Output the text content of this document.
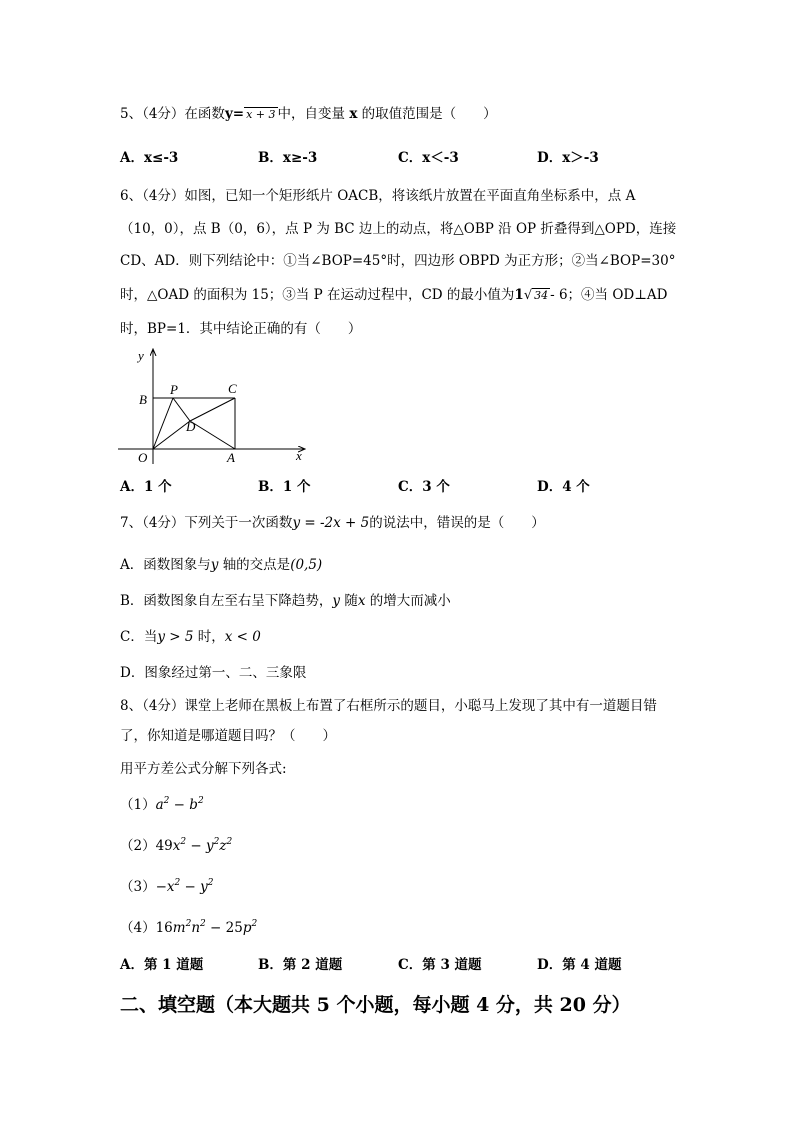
5、（4分）在函数y= x + 3 中，自变量 x 的取值范围是（　　）
A．x≤-3	B．x≥-3	C．x＜-3	D．x＞-3
6、（4分）如图，已知一个矩形纸片 OACB，将该纸片放置在平面直角坐标系中，点 A
（10，0），点 B（0，6），点 P 为 BC 边上的动点，将△OBP 沿 OP 折叠得到△OPD，连接
CD、AD．则下列结论中：①当∠BOP=45°时，四边形 OBPD 为正方形；②当∠BOP=30°
时，△OAD 的面积为 15；③当 P 在运动过程中，CD 的最小值为1√ 34 - 6；④当 OD⊥AD
时，BP=1．其中结论正确的有（　　）
y
x
O	A
B
C
P
D
A．1 个	B．1 个	C．3 个	D．4 个
7、（4分）下列关于一次函数y = -2x + 5的说法中，错误的是（　　）
A．函数图象与y 轴的交点是(0,5)
B．函数图象自左至右呈下降趋势，y 随x 的增大而减小
C．当y > 5 时，x < 0
D．图象经过第一、二、三象限
8、（4分）课堂上老师在黑板上布置了右框所示的题目，小聪马上发现了其中有一道题目错
了，你知道是哪道题目吗？（　　）
用平方差公式分解下列各式:
$(1)a^2 - b^2$
$(2)49x^2 - y^2z^2$
$(3)-x^2 - y^2$
$(4)16m^2n^2 - 25p^2$
A．第 1 道题	B．第 2 道题	C．第 3 道题	D．第 4 道题
二、填空题（本大题共 5 个小题，每小题 4 分，共 20 分）
